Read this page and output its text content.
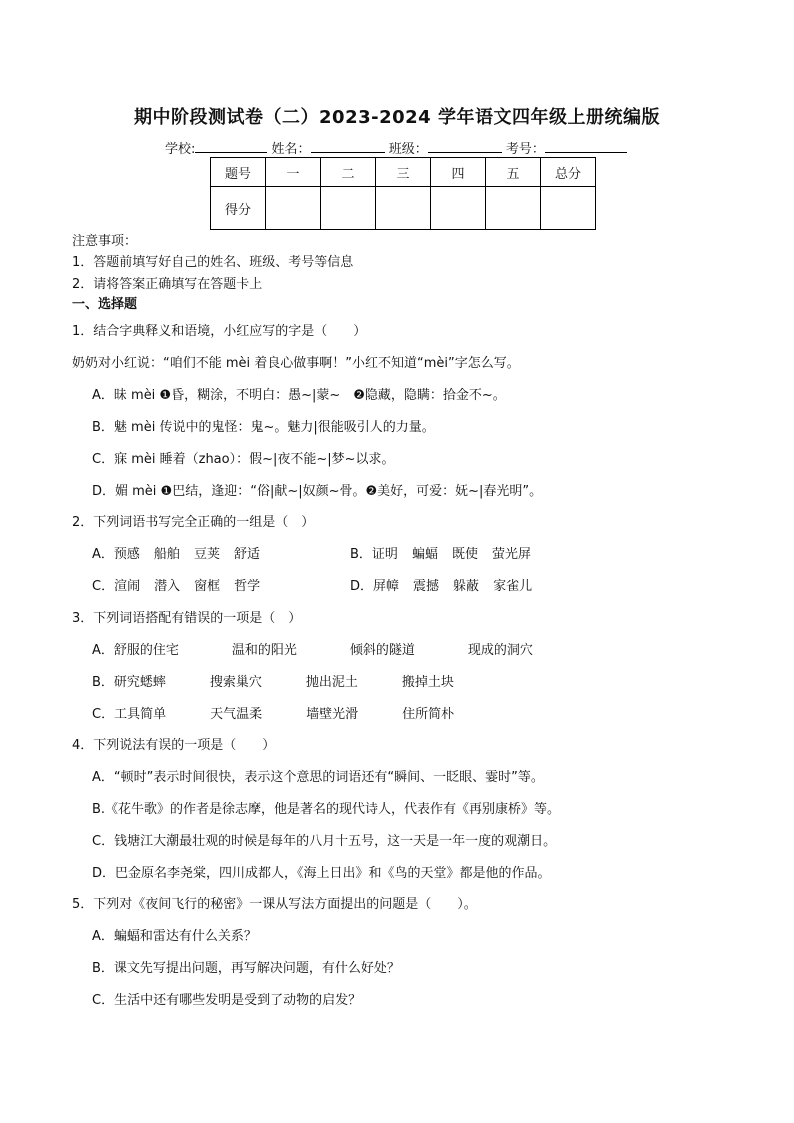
期中阶段测试卷（二）2023-2024 学年语文四年级上册统编版
学校:	姓名：	班级：	考号：
题号	一	二	三	四	五	总分
得分						
注意事项：
1．答题前填写好自己的姓名、班级、考号等信息
2．请将答案正确填写在答题卡上
一、选择题
1．结合字典释义和语境，小红应写的字是（　　）
奶奶对小红说：“咱们不能 mèi 着良心做事啊！”小红不知道“mèi”字怎么写。
A．昧 mèi ❶昏，糊涂，不明白：愚~|蒙~　❷隐藏，隐瞒：拾金不~。
B．魅 mèi 传说中的鬼怪：鬼~。魅力|很能吸引人的力量。
C．寐 mèi 睡着（zhao）：假~|夜不能~|梦~以求。
D．媚 mèi ❶巴结，逢迎：“俗|献~|奴颜~骨。❷美好，可爱：妩~|春光明”。
2．下列词语书写完全正确的一组是（　）
A．预感 船舶 豆荚 舒适	B．证明 蝙蝠 既使 萤光屏
C．渲闹 潜入 窗框 哲学	D．屏幛 震撼 躲蔽 家雀儿
3．下列词语搭配有错误的一项是（　）
A．舒服的住宅	温和的阳光	倾斜的隧道	现成的洞穴
B．研究蟋蟀	搜索巢穴	抛出泥土	搬掉土块
C．工具简单	天气温柔	墙壁光滑	住所简朴
4．下列说法有误的一项是（　　）
A．“顿时”表示时间很快，表示这个意思的词语还有“瞬间、一眨眼、霎时”等。
B.《花牛歌》的作者是徐志摩，他是著名的现代诗人，代表作有《再别康桥》等。
C．钱塘江大潮最壮观的时候是每年的八月十五号，这一天是一年一度的观潮日。
D．巴金原名李尧棠，四川成都人，《海上日出》和《鸟的天堂》都是他的作品。
5．下列对《夜间飞行的秘密》一课从写法方面提出的问题是（　　）。
A．蝙蝠和雷达有什么关系？
B．课文先写提出问题，再写解决问题，有什么好处？
C．生活中还有哪些发明是受到了动物的启发？
